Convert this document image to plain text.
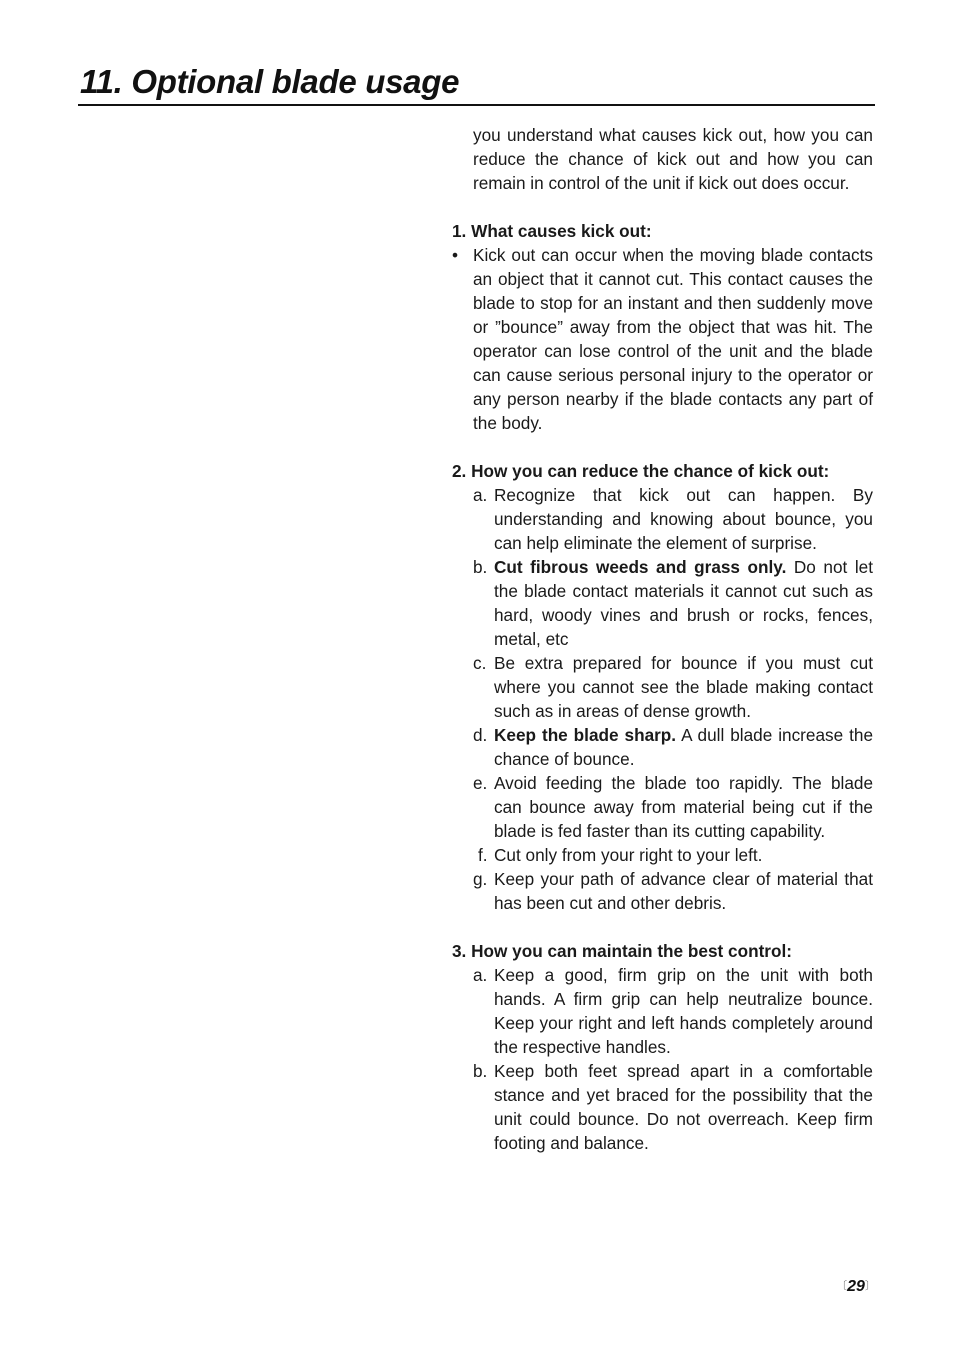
11. Optional blade usage

you understand what causes kick out, how you can reduce the chance of kick out and how you can remain in control of the unit if kick out does occur.

1. What causes kick out:

• Kick out can occur when the moving blade contacts an object that it cannot cut. This contact causes the blade to stop for an instant and then suddenly move or ”bounce” away from the object that was hit. The operator can lose control of the unit and the blade can cause serious personal injury to the operator or any person nearby if the blade contacts any part of the body.

2. How you can reduce the chance of kick out:

a. Recognize that kick out can happen. By understanding and knowing about bounce, you can help eliminate the element of surprise.
b. Cut fibrous weeds and grass only. Do not let the blade contact materials it cannot cut such as hard, woody vines and brush or rocks, fences, metal, etc
c. Be extra prepared for bounce if you must cut where you cannot see the blade making contact such as in areas of dense growth.
d. Keep the blade sharp. A dull blade increase the chance of bounce.
e. Avoid feeding the blade too rapidly. The blade can bounce away from material being cut if the blade is fed faster than its cutting capability.
f. Cut only from your right to your left.
g. Keep your path of advance clear of material that has been cut and other debris.

3. How you can maintain the best control:

a. Keep a good, firm grip on the unit with both hands. A firm grip can help neutralize bounce. Keep your right and left hands completely around the respective handles.
b. Keep both feet spread apart in a comfortable stance and yet braced for the possibility that the unit could bounce. Do not overreach. Keep firm footing and balance.
〔29〕
